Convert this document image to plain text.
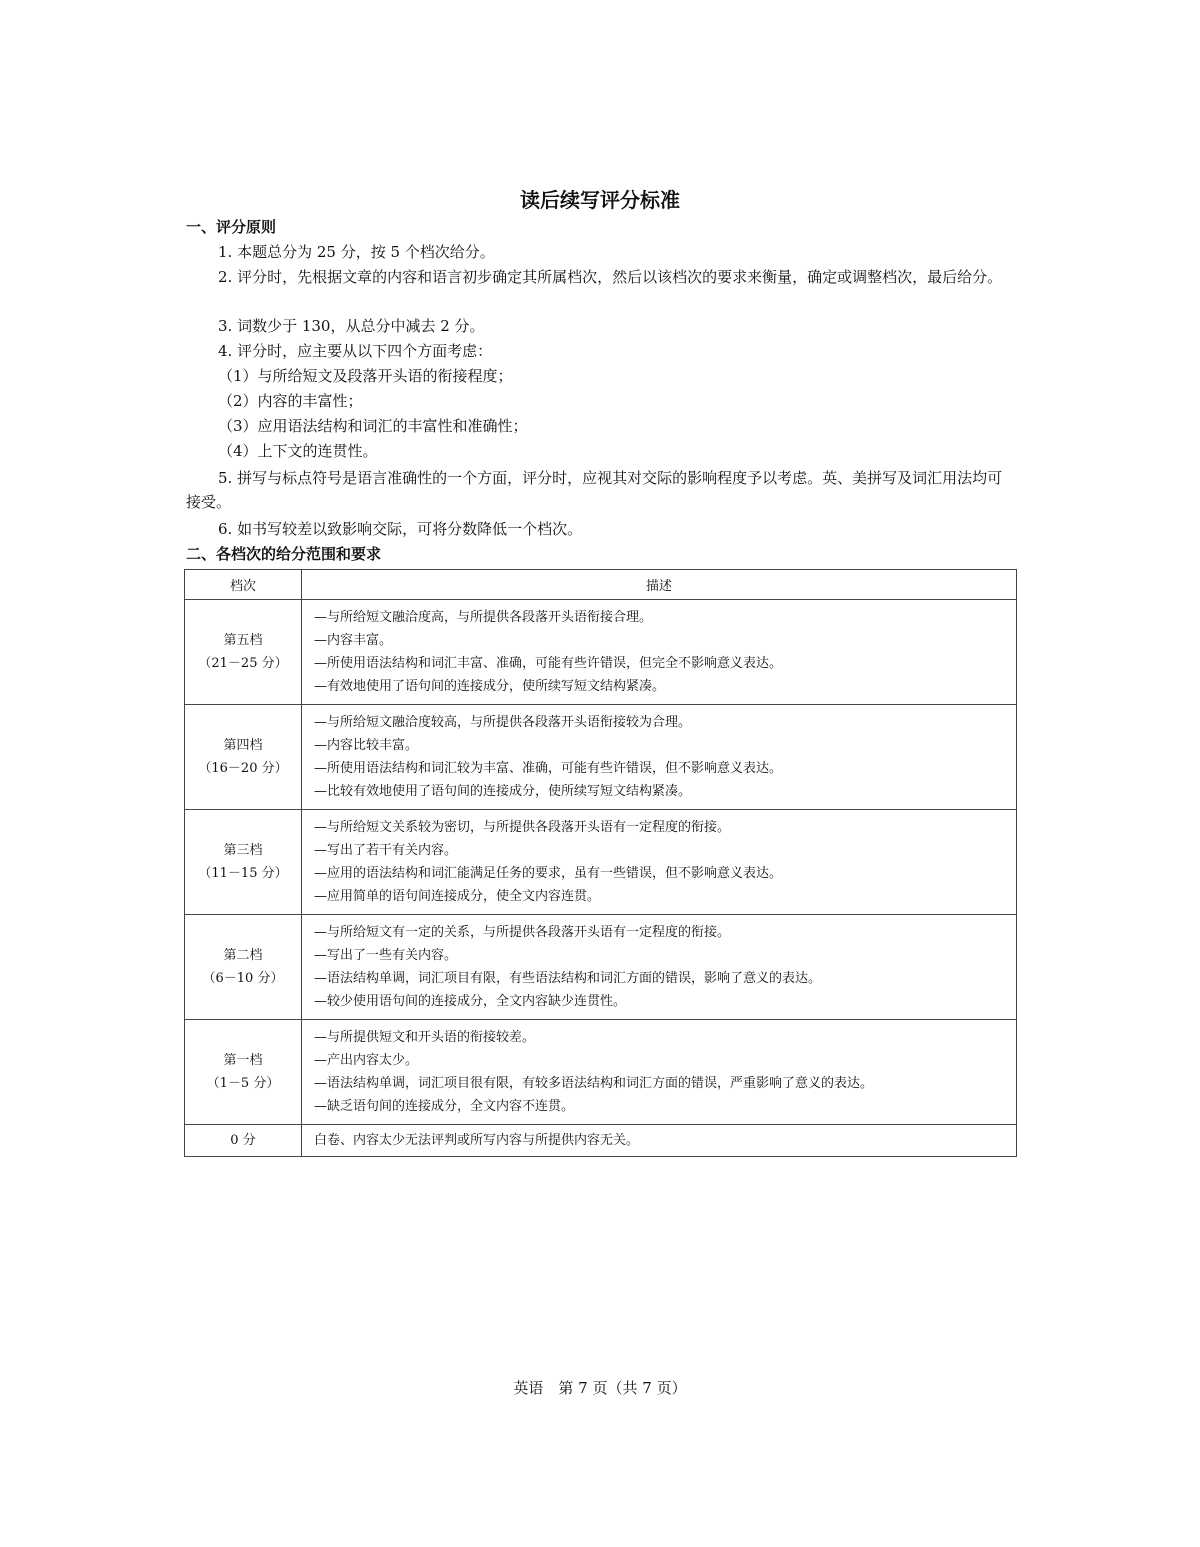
读后续写评分标准
一、评分原则
1. 本题总分为 25 分，按 5 个档次给分。
2. 评分时，先根据文章的内容和语言初步确定其所属档次，然后以该档次的要求来衡量，确定或调整档次，最后给分。
3. 词数少于 130，从总分中减去 2 分。
4. 评分时，应主要从以下四个方面考虑：
（1）与所给短文及段落开头语的衔接程度；
（2）内容的丰富性；
（3）应用语法结构和词汇的丰富性和准确性；
（4）上下文的连贯性。
5. 拼写与标点符号是语言准确性的一个方面，评分时，应视其对交际的影响程度予以考虑。英、美拼写及词汇用法均可接受。
6. 如书写较差以致影响交际，可将分数降低一个档次。
二、各档次的给分范围和要求
档次	描述

第五档
（21－25 分）	—与所给短文融洽度高，与所提供各段落开头语衔接合理。
—内容丰富。
—所使用语法结构和词汇丰富、准确，可能有些许错误，但完全不影响意义表达。
—有效地使用了语句间的连接成分，使所续写短文结构紧凑。

第四档
（16－20 分）	—与所给短文融洽度较高，与所提供各段落开头语衔接较为合理。
—内容比较丰富。
—所使用语法结构和词汇较为丰富、准确，可能有些许错误，但不影响意义表达。
—比较有效地使用了语句间的连接成分，使所续写短文结构紧凑。

第三档
（11－15 分）	—与所给短文关系较为密切，与所提供各段落开头语有一定程度的衔接。
—写出了若干有关内容。
—应用的语法结构和词汇能满足任务的要求，虽有一些错误，但不影响意义表达。
—应用简单的语句间连接成分，使全文内容连贯。

第二档
（6－10 分）	—与所给短文有一定的关系，与所提供各段落开头语有一定程度的衔接。
—写出了一些有关内容。
—语法结构单调，词汇项目有限，有些语法结构和词汇方面的错误，影响了意义的表达。
—较少使用语句间的连接成分，全文内容缺少连贯性。

第一档
（1－5 分）	—与所提供短文和开头语的衔接较差。
—产出内容太少。
—语法结构单调，词汇项目很有限，有较多语法结构和词汇方面的错误，严重影响了意义的表达。
—缺乏语句间的连接成分，全文内容不连贯。

0 分	白卷、内容太少无法评判或所写内容与所提供内容无关。
英语　第 7 页（共 7 页）
